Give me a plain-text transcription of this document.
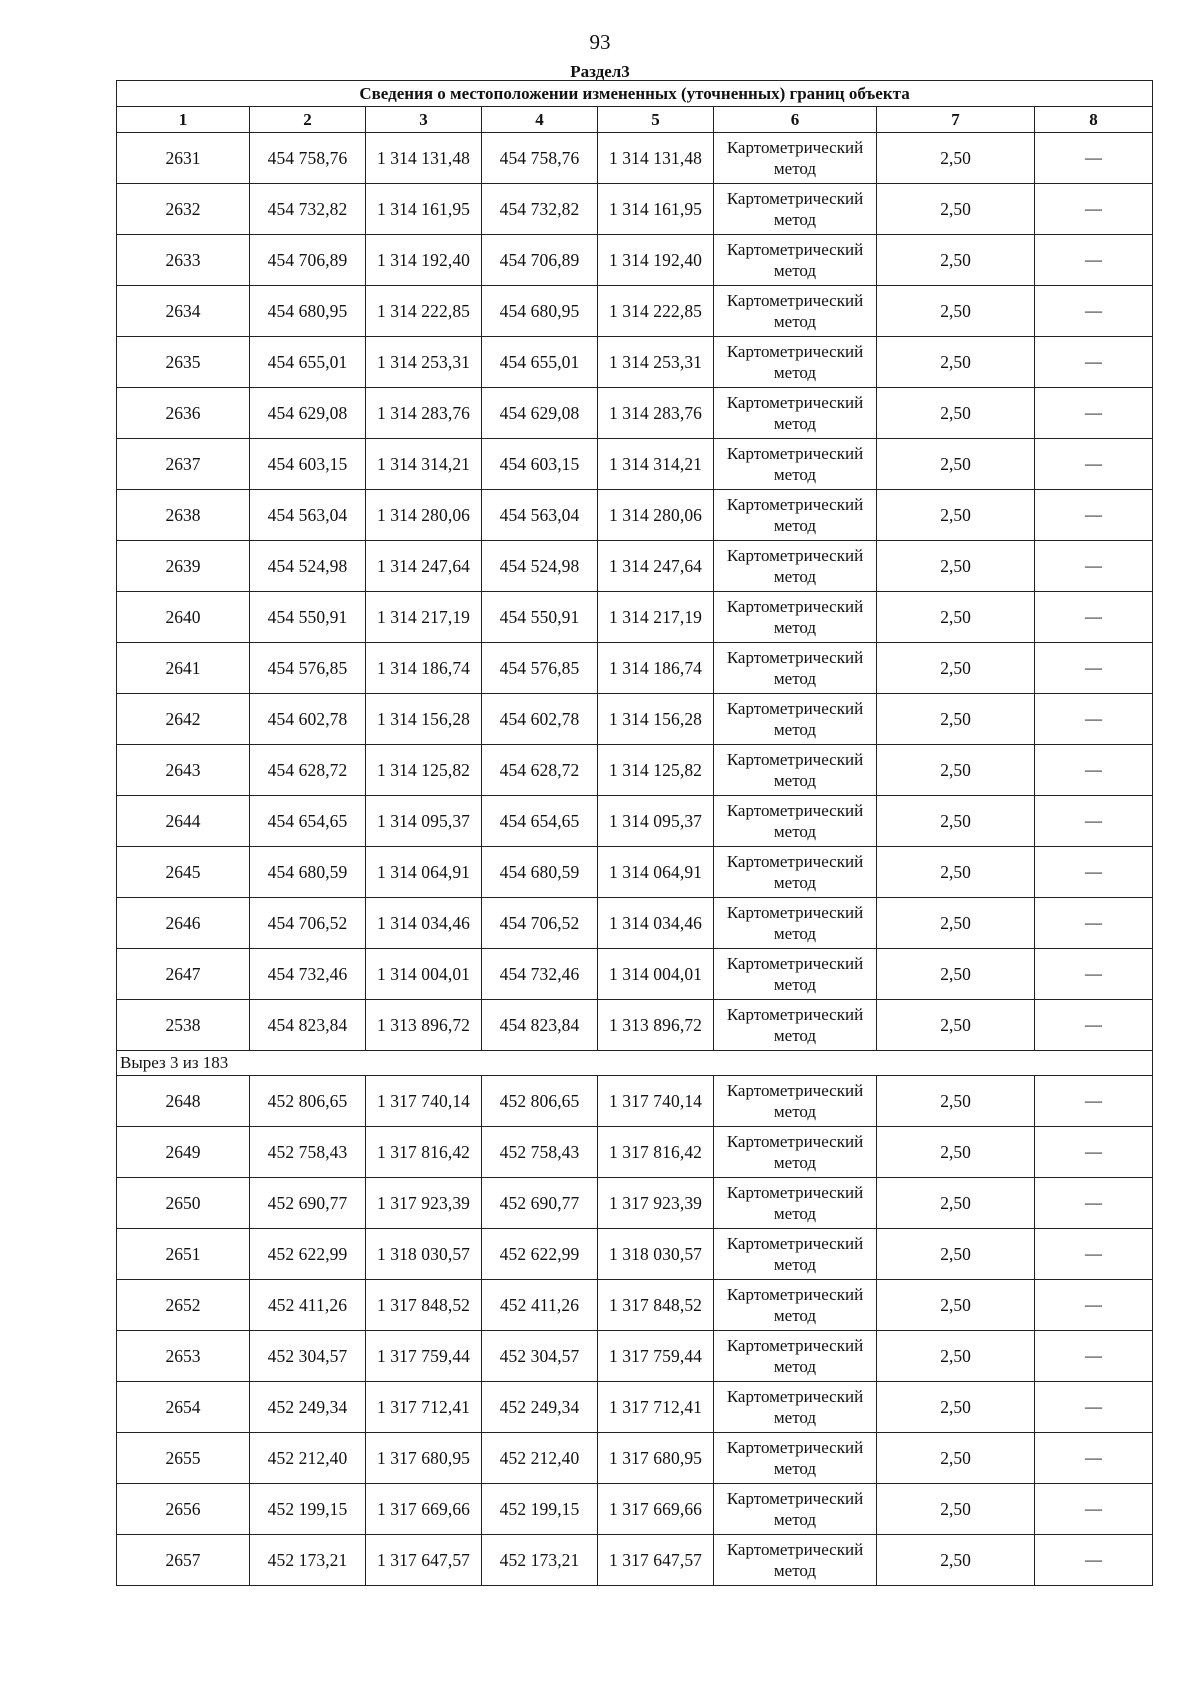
93
Раздел3
Сведения о местоположении измененных (уточненных) границ объекта							
1	2	3	4	5	6	7	8
2631	454 758,76	1 314 131,48	454 758,76	1 314 131,48	Картометрический метод	2,50	—
2632	454 732,82	1 314 161,95	454 732,82	1 314 161,95	Картометрический метод	2,50	—
2633	454 706,89	1 314 192,40	454 706,89	1 314 192,40	Картометрический метод	2,50	—
2634	454 680,95	1 314 222,85	454 680,95	1 314 222,85	Картометрический метод	2,50	—
2635	454 655,01	1 314 253,31	454 655,01	1 314 253,31	Картометрический метод	2,50	—
2636	454 629,08	1 314 283,76	454 629,08	1 314 283,76	Картометрический метод	2,50	—
2637	454 603,15	1 314 314,21	454 603,15	1 314 314,21	Картометрический метод	2,50	—
2638	454 563,04	1 314 280,06	454 563,04	1 314 280,06	Картометрический метод	2,50	—
2639	454 524,98	1 314 247,64	454 524,98	1 314 247,64	Картометрический метод	2,50	—
2640	454 550,91	1 314 217,19	454 550,91	1 314 217,19	Картометрический метод	2,50	—
2641	454 576,85	1 314 186,74	454 576,85	1 314 186,74	Картометрический метод	2,50	—
2642	454 602,78	1 314 156,28	454 602,78	1 314 156,28	Картометрический метод	2,50	—
2643	454 628,72	1 314 125,82	454 628,72	1 314 125,82	Картометрический метод	2,50	—
2644	454 654,65	1 314 095,37	454 654,65	1 314 095,37	Картометрический метод	2,50	—
2645	454 680,59	1 314 064,91	454 680,59	1 314 064,91	Картометрический метод	2,50	—
2646	454 706,52	1 314 034,46	454 706,52	1 314 034,46	Картометрический метод	2,50	—
2647	454 732,46	1 314 004,01	454 732,46	1 314 004,01	Картометрический метод	2,50	—
2538	454 823,84	1 313 896,72	454 823,84	1 313 896,72	Картометрический метод	2,50	—
Вырез 3 из 183							
2648	452 806,65	1 317 740,14	452 806,65	1 317 740,14	Картометрический метод	2,50	—
2649	452 758,43	1 317 816,42	452 758,43	1 317 816,42	Картометрический метод	2,50	—
2650	452 690,77	1 317 923,39	452 690,77	1 317 923,39	Картометрический метод	2,50	—
2651	452 622,99	1 318 030,57	452 622,99	1 318 030,57	Картометрический метод	2,50	—
2652	452 411,26	1 317 848,52	452 411,26	1 317 848,52	Картометрический метод	2,50	—
2653	452 304,57	1 317 759,44	452 304,57	1 317 759,44	Картометрический метод	2,50	—
2654	452 249,34	1 317 712,41	452 249,34	1 317 712,41	Картометрический метод	2,50	—
2655	452 212,40	1 317 680,95	452 212,40	1 317 680,95	Картометрический метод	2,50	—
2656	452 199,15	1 317 669,66	452 199,15	1 317 669,66	Картометрический метод	2,50	—
2657	452 173,21	1 317 647,57	452 173,21	1 317 647,57	Картометрический метод	2,50	—
